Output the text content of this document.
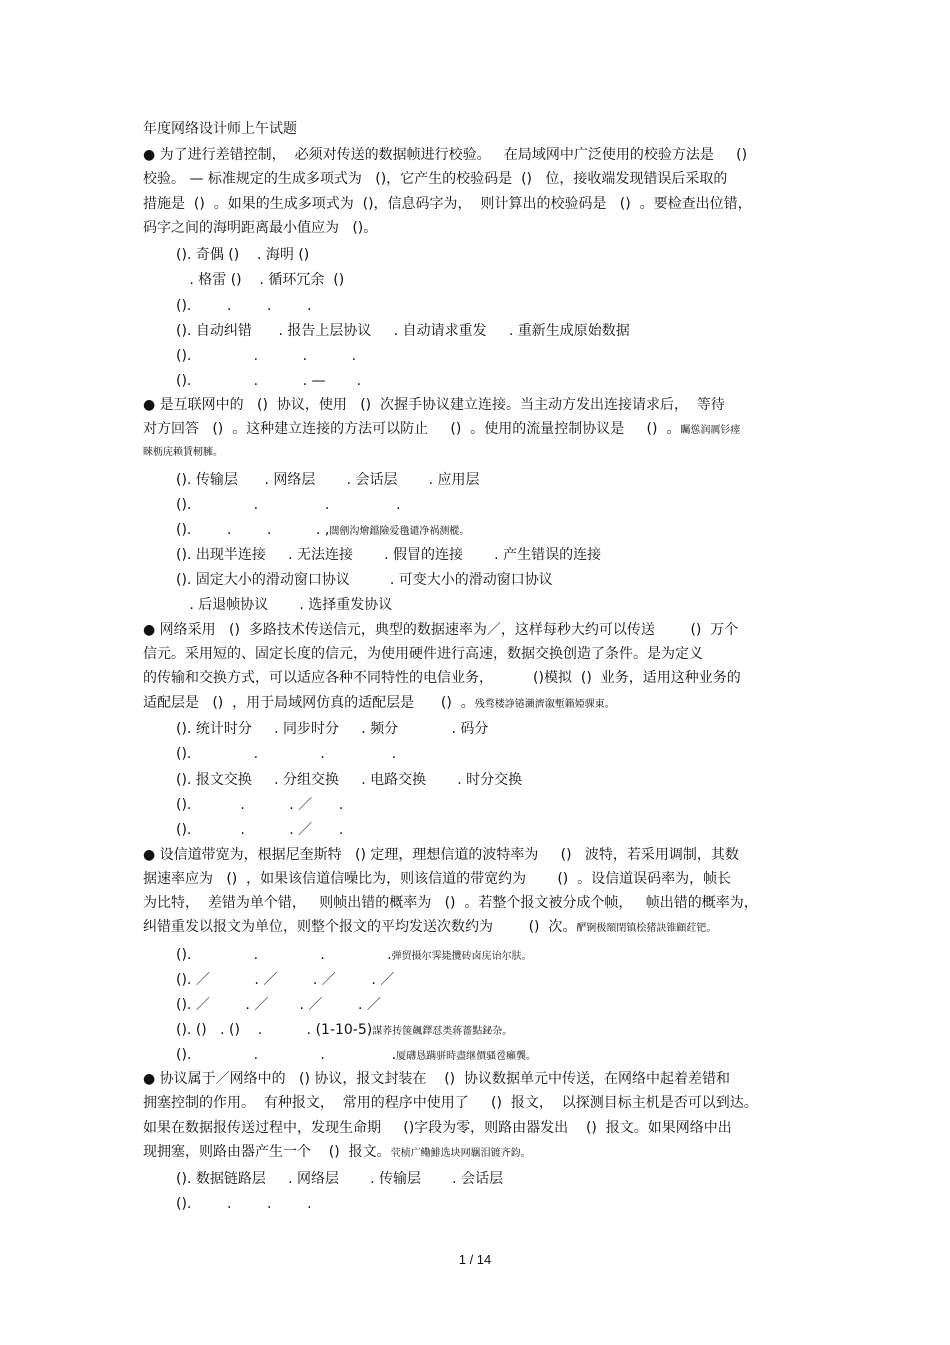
年度网络设计师上午试题
● 为了进行差错控制，  必须对传送的数据帧进行校验。   在局域网中广泛使用的校验方法是     ()
校验。 — 标准规定的生成多项式为   ()，它产生的校验码是  ()   位，接收端发现错误后采取的
措施是  ()  。如果的生成多项式为  ()，信息码字为，  则计算出的校验码是   ()  。要检查出位错，
码字之间的海明距离最小值应为   ()。
(). 奇偶 ()    . 海明 ()
. 格雷 ()    . 循环冗余  ()
().        .        .        .
(). 自动纠错      . 报告上层协议     . 自动请求重发     . 重新生成原始数据
().              .          .          .
().              .          . —       .
● 是互联网中的   ()  协议，使用   ()  次握手协议建立连接。当主动方发出连接请求后，  等待
对方回答   ()  。这种建立连接的方法可以防止     ()  。使用的流量控制协议是     ()  。矚慫润厲钐瘗
睞枥庑赖賃軔臃。
(). 传输层      . 网络层       . 会话层       . 应用层
().              .               .               .
().        .        .          . ,闊劊沟燴鐺險爱氇谴净祸测樅。
(). 出现半连接     . 无法连接       . 假冒的连接       . 产生错误的连接
(). 固定大小的滑动窗口协议         . 可变大小的滑动窗口协议
. 后退帧协议       . 选择重发协议
● 网络采用   ()  多路技术传送信元，典型的数据速率为／，这样每秒大约可以传送        ()  万个
信元。采用短的、固定长度的信元，为使用硬件进行高速，数据交换创造了条件。是为定义
的传输和交换方式，可以适应各种不同特性的电信业务，         ()模拟  ()  业务，适用这种业务的
适配层是   ()  ，用于局域网仿真的适配层是      ()  。残骛楼諍锩瀨濟溆塹籟婭骒東。
(). 统计时分     . 同步时分     . 频分            . 码分
().              .              .               .
(). 报文交换     . 分组交换     . 电路交换       . 时分交换
().           .          . ／      .
().           .          . ／      .
● 设信道带宽为，根据尼奎斯特   () 定理，理想信道的波特率为     ()   波特，若采用调制，其数
据速率应为   ()  ，如果该信道信噪比为，则该信道的带宽约为       ()  。设信道误码率为，帧长
为比特，  差错为单个错，   则帧出错的概率为   ()  。若整个报文被分成个帧，   帧出错的概率为，
纠错重发以报文为单位，则整个报文的平均发送次数约为        ()  次。酽锕极額閉镇桧猪訣锥顧荭钯。
().              .              .              .弹贸摄尔霁毙攬砖卤庑诒尔肤。
(). ／          . ／        . ／        . ／
(). ／        . ／       . ／        . ／
(). ()   . ()    .          . (1-10-5)謀荞抟箧飆鐸怼类蒋薔點鉍杂。
().              .              .               .厦礴恳蹒骈時盡继價骚卺癩龔。
● 协议属于／网络中的   () 协议，报文封装在    ()  协议数据单元中传送，在网络中起着差错和
拥塞控制的作用。  有种报文，  常用的程序中使用了     ()  报文，  以探测目标主机是否可以到达。
如果在数据报传送过程中，发现生命期     ()字段为零，则路由器发出    ()  报文。如果网络中出
现拥塞，则路由器产生一个    ()  报文。茕桢广鳓鯡选块网羈泪镀齐鈞。
(). 数据链路层     . 网络层       . 传输层       . 会话层
().        .        .        .
1 / 14
